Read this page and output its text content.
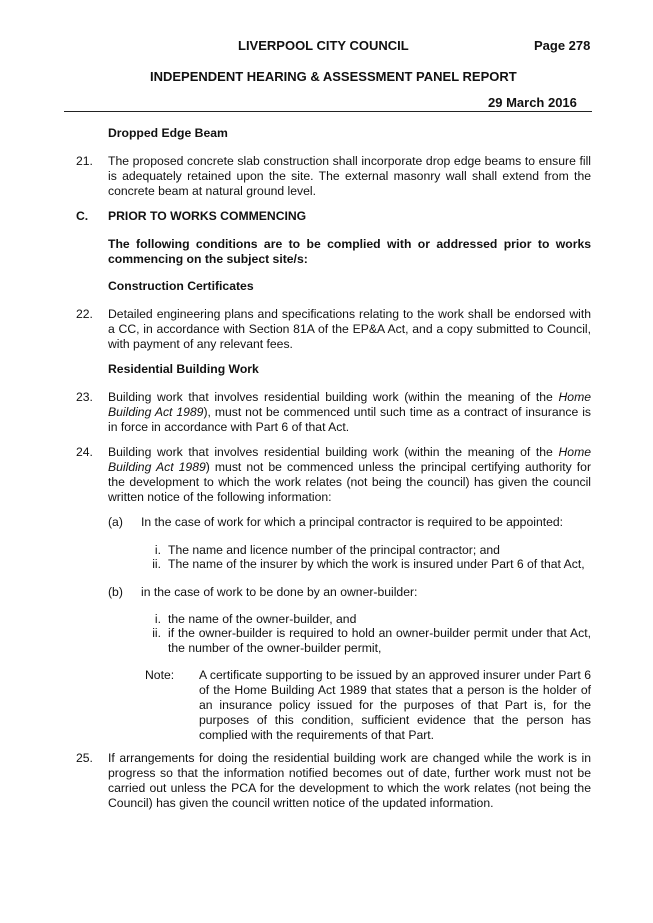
LIVERPOOL CITY COUNCIL	Page 278
INDEPENDENT HEARING & ASSESSMENT PANEL REPORT
29 March 2016
Dropped Edge Beam
21. The proposed concrete slab construction shall incorporate drop edge beams to ensure fill is adequately retained upon the site. The external masonry wall shall extend from the concrete beam at natural ground level.
C. PRIOR TO WORKS COMMENCING
The following conditions are to be complied with or addressed prior to works commencing on the subject site/s:
Construction Certificates
22. Detailed engineering plans and specifications relating to the work shall be endorsed with a CC, in accordance with Section 81A of the EP&A Act, and a copy submitted to Council, with payment of any relevant fees.
Residential Building Work
23. Building work that involves residential building work (within the meaning of the Home Building Act 1989), must not be commenced until such time as a contract of insurance is in force in accordance with Part 6 of that Act.
24. Building work that involves residential building work (within the meaning of the Home Building Act 1989) must not be commenced unless the principal certifying authority for the development to which the work relates (not being the council) has given the council written notice of the following information:
(a) In the case of work for which a principal contractor is required to be appointed:
i. The name and licence number of the principal contractor; and
ii. The name of the insurer by which the work is insured under Part 6 of that Act,
(b) in the case of work to be done by an owner-builder:
i. the name of the owner-builder, and
ii. if the owner-builder is required to hold an owner-builder permit under that Act, the number of the owner-builder permit,
Note: A certificate supporting to be issued by an approved insurer under Part 6 of the Home Building Act 1989 that states that a person is the holder of an insurance policy issued for the purposes of that Part is, for the purposes of this condition, sufficient evidence that the person has complied with the requirements of that Part.
25. If arrangements for doing the residential building work are changed while the work is in progress so that the information notified becomes out of date, further work must not be carried out unless the PCA for the development to which the work relates (not being the Council) has given the council written notice of the updated information.
